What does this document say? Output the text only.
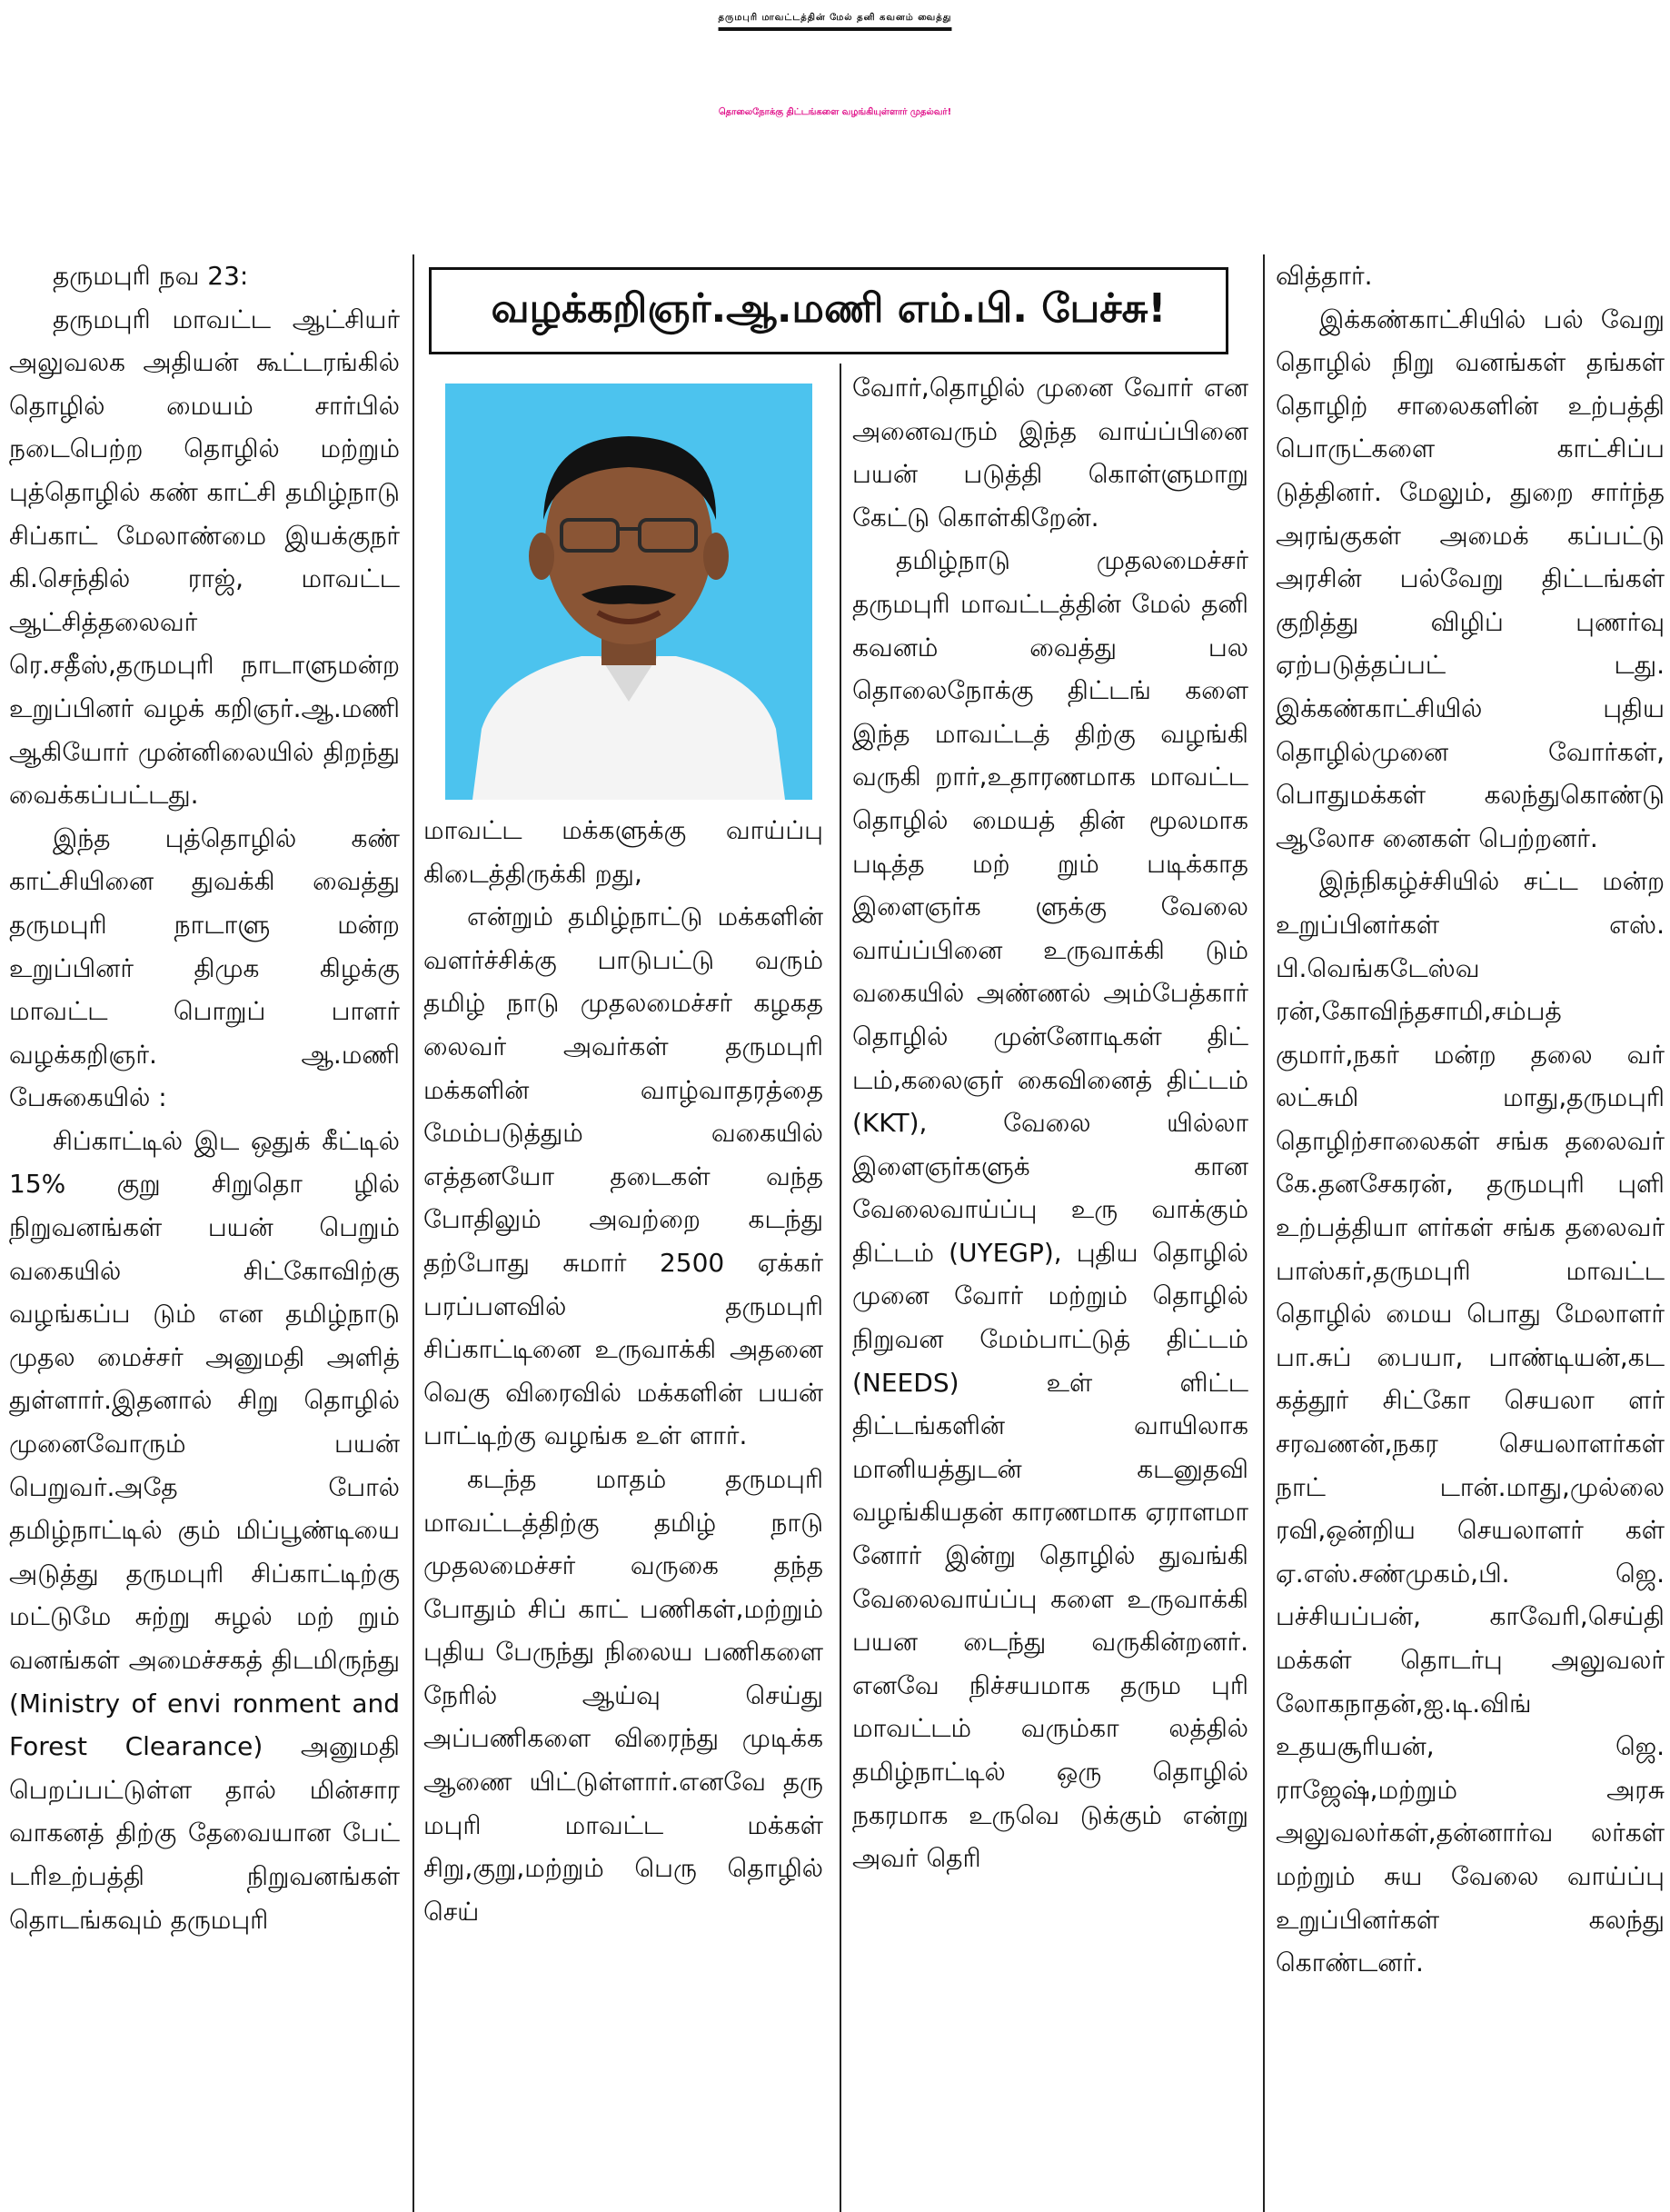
தருமபுரி மாவட்டத்தின் மேல் தனி கவனம் வைத்து
தொலைநோக்கு திட்டங்களை வழங்கியுள்ளார் முதல்வர்!
வழக்கறிஞர்.ஆ.மணி எம்.பி. பேச்சு!

தருமபுரி நவ 23:

தருமபுரி மாவட்ட ஆட்சியர் அலுவலக அதியன் கூட்டரங்கில் தொழில் மையம் சார்பில் நடைபெற்ற தொழில் மற்றும் புத்தொழில் கண் காட்சி தமிழ்நாடு சிப்காட் மேலாண்மை இயக்குநர் கி.செந்தில் ராஜ், மாவட்ட ஆட்சித்தலைவர் ரெ.சதீஸ்,தருமபுரி நாடாளுமன்ற உறுப்பினர் வழக் கறிஞர்.ஆ.மணி ஆகியோர் முன்னிலையில் திறந்து வைக்கப்பட்டது.

இந்த புத்தொழில் கண் காட்சியினை துவக்கி வைத்து தருமபுரி நாடாளு மன்ற உறுப்பினர் திமுக கிழக்கு மாவட்ட பொறுப் பாளர் வழக்கறிஞர். ஆ.மணி பேசுகையில் :

சிப்காட்டில் இட ஒதுக் கீட்டில் 15% குறு சிறுதொ ழில் நிறுவனங்கள் பயன் பெறும் வகையில் சிட்கோவிற்கு வழங்கப்ப டும் என தமிழ்நாடு முதல மைச்சர் அனுமதி அளித் துள்ளார்.இதனால் சிறு தொழில் முனைவோரும் பயன் பெறுவர்.அதே போல் தமிழ்நாட்டில் கும் மிப்பூண்டியை அடுத்து தருமபுரி சிப்காட்டிற்கு மட்டுமே சுற்று சுழல் மற் றும் வனங்கள் அமைச்சகத் திடமிருந்து (Ministry of envi ronment and Forest Clearance) அனுமதி பெறப்பட்டுள்ள தால் மின்சார வாகனத் திற்கு தேவையான பேட் டரிஉற்பத்தி நிறுவனங்கள் தொடங்கவும் தருமபுரி

மாவட்ட மக்களுக்கு வாய்ப்பு கிடைத்திருக்கி றது,

என்றும் தமிழ்நாட்டு மக்களின் வளர்ச்சிக்கு பாடுபட்டு வரும் தமிழ் நாடு முதலமைச்சர் கழகத லைவர் அவர்கள் தருமபுரி மக்களின் வாழ்வாதரத்தை மேம்படுத்தும் வகையில் எத்தனயோ தடைகள் வந்த போதிலும் அவற்றை கடந்து தற்போது சுமார் 2500 ஏக்கர் பரப்பளவில் தருமபுரி சிப்காட்டினை உருவாக்கி அதனை வெகு விரைவில் மக்களின் பயன் பாட்டிற்கு வழங்க உள் ளார்.

கடந்த மாதம் தருமபுரி மாவட்டத்திற்கு தமிழ் நாடு முதலமைச்சர் வருகை தந்த போதும் சிப் காட் பணிகள்,மற்றும் புதிய பேருந்து நிலைய பணிகளை நேரில் ஆய்வு செய்து அப்பணிகளை விரைந்து முடிக்க ஆணை யிட்டுள்ளார்.எனவே தரு மபுரி மாவட்ட மக்கள் சிறு,குறு,மற்றும் பெரு தொழில் செய்

வோர்,தொழில் முனை வோர் என அனைவரும் இந்த வாய்ப்பினை பயன் படுத்தி கொள்ளுமாறு கேட்டு கொள்கிறேன்.

தமிழ்நாடு முதலமைச்சர் தருமபுரி மாவட்டத்தின் மேல் தனி கவனம் வைத்து பல தொலைநோக்கு திட்டங் களை இந்த மாவட்டத் திற்கு வழங்கி வருகி றார்,உதாரணமாக மாவட்ட தொழில் மையத் தின் மூலமாக படித்த மற் றும் படிக்காத இளைஞர்க ளுக்கு வேலை வாய்ப்பினை உருவாக்கி டும் வகையில் அண்ணல் அம்பேத்கார் தொழில் முன்னோடிகள் திட் டம்,கலைஞர் கைவினைத் திட்டம் (KKT), வேலை யில்லா இளைஞர்களுக் கான வேலைவாய்ப்பு உரு வாக்கும் திட்டம் (UYEGP), புதிய தொழில் முனை வோர் மற்றும் தொழில் நிறுவன மேம்பாட்டுத் திட்டம் (NEEDS) உள் ளிட்ட திட்டங்களின் வாயிலாக மானியத்துடன் கடனுதவி வழங்கியதன் காரணமாக ஏராளமா னோர் இன்று தொழில் துவங்கி வேலைவாய்ப்பு களை உருவாக்கி பயன டைந்து வருகின்றனர். எனவே நிச்சயமாக தரும புரி மாவட்டம் வரும்கா லத்தில் தமிழ்நாட்டில் ஒரு தொழில் நகரமாக உருவெ டுக்கும் என்று அவர் தெரி

வித்தார்.

இக்கண்காட்சியில் பல் வேறு தொழில் நிறு வனங்கள் தங்கள் தொழிற் சாலைகளின் உற்பத்தி பொருட்களை காட்சிப்ப டுத்தினர். மேலும், துறை சார்ந்த அரங்குகள் அமைக் கப்பட்டு அரசின் பல்வேறு திட்டங்கள் குறித்து விழிப் புணர்வு ஏற்படுத்தப்பட் டது. இக்கண்காட்சியில் புதிய தொழில்முனை வோர்கள், பொதுமக்கள் கலந்துகொண்டு ஆலோச னைகள் பெற்றனர்.

இந்நிகழ்ச்சியில் சட்ட மன்ற உறுப்பினர்கள் எஸ். பி.வெங்கடேஸ்வ ரன்,கோவிந்தசாமி,சம்பத் குமார்,நகர் மன்ற தலை வர் லட்சுமி மாது,தருமபுரி தொழிற்சாலைகள் சங்க தலைவர் கே.தனசேகரன், தருமபுரி புளி உற்பத்தியா ளர்கள் சங்க தலைவர் பாஸ்கர்,தருமபுரி மாவட்ட தொழில் மைய பொது மேலாளர் பா.சுப் பையா, பாண்டியன்,கட கத்தூர் சிட்கோ செயலா ளர் சரவணன்,நகர செயலாளர்கள் நாட் டான்.மாது,முல்லை ரவி,ஒன்றிய செயலாளர் கள் ஏ.எஸ்.சண்முகம்,பி. ஜெ. பச்சியப்பன், காவேரி,செய்தி மக்கள் தொடர்பு அலுவலர் லோகநாதன்,ஐ.டி.விங் உதயசூரியன், ஜெ. ராஜேஷ்,மற்றும் அரசு அலுவலர்கள்,தன்னார்வ லர்கள் மற்றும் சுய வேலை வாய்ப்பு உறுப்பினர்கள் கலந்து கொண்டனர்.
